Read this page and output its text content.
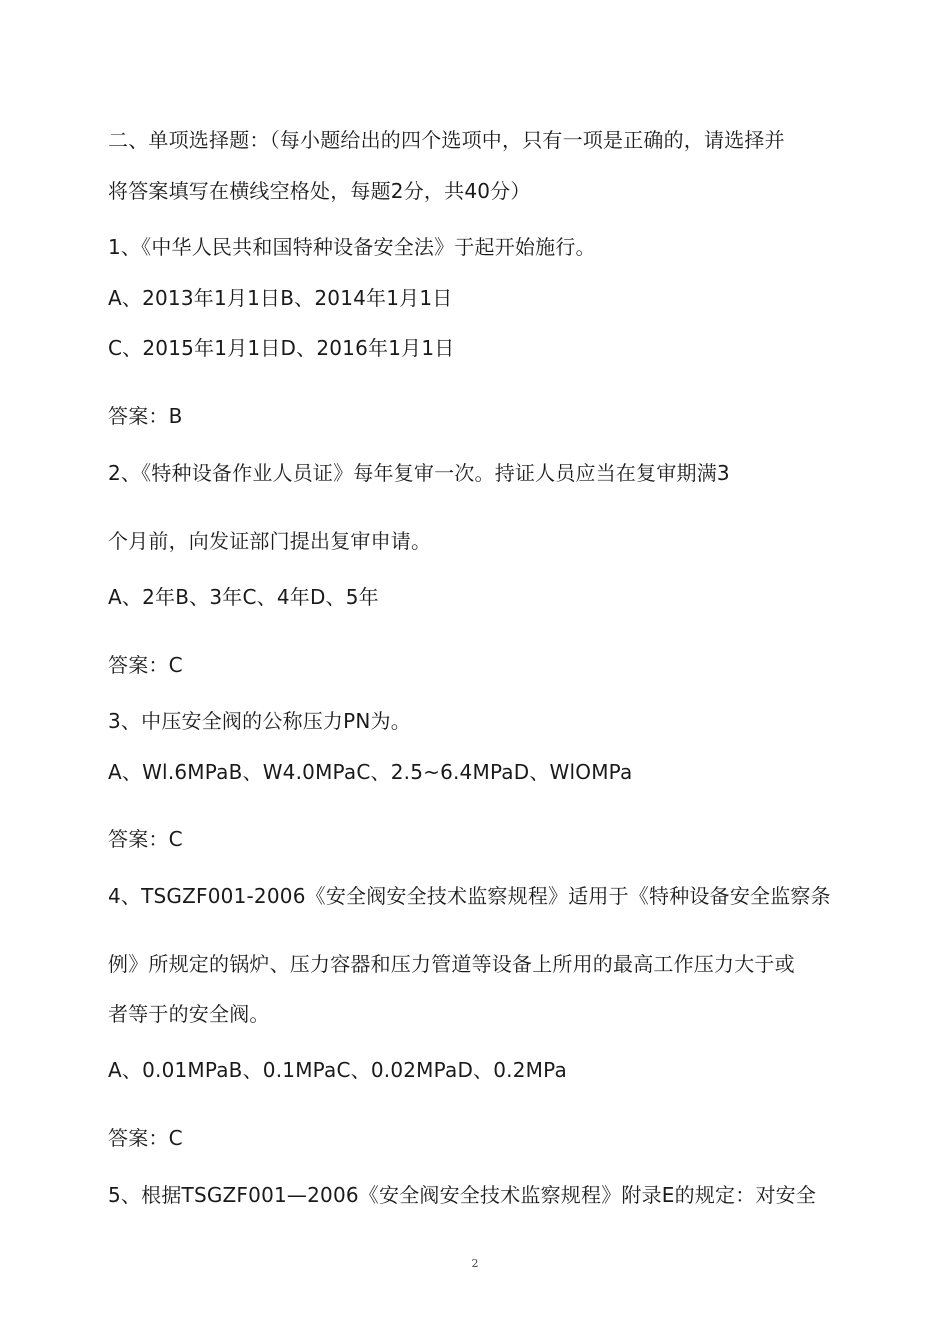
二、单项选择题：（每小题给出的四个选项中，只有一项是正确的，请选择并
将答案填写在横线空格处，每题2分，共40分）
1、《中华人民共和国特种设备安全法》于起开始施行。
A、2013年1月1日B、2014年1月1日
C、2015年1月1日D、2016年1月1日
答案：B
2、《特种设备作业人员证》每年复审一次。持证人员应当在复审期满3
个月前，向发证部门提出复审申请。
A、2年B、3年C、4年D、5年
答案：C
3、中压安全阀的公称压力PN为。
A、Wl.6MPaB、W4.0MPaC、2.5~6.4MPaD、WlOMPa
答案：C
4、TSGZF001-2006《安全阀安全技术监察规程》适用于《特种设备安全监察条
例》所规定的锅炉、压力容器和压力管道等设备上所用的最高工作压力大于或
者等于的安全阀。
A、0.01MPaB、0.1MPaC、0.02MPaD、0.2MPa
答案：C
5、根据TSGZF001—2006《安全阀安全技术监察规程》附录E的规定：对安全
2
